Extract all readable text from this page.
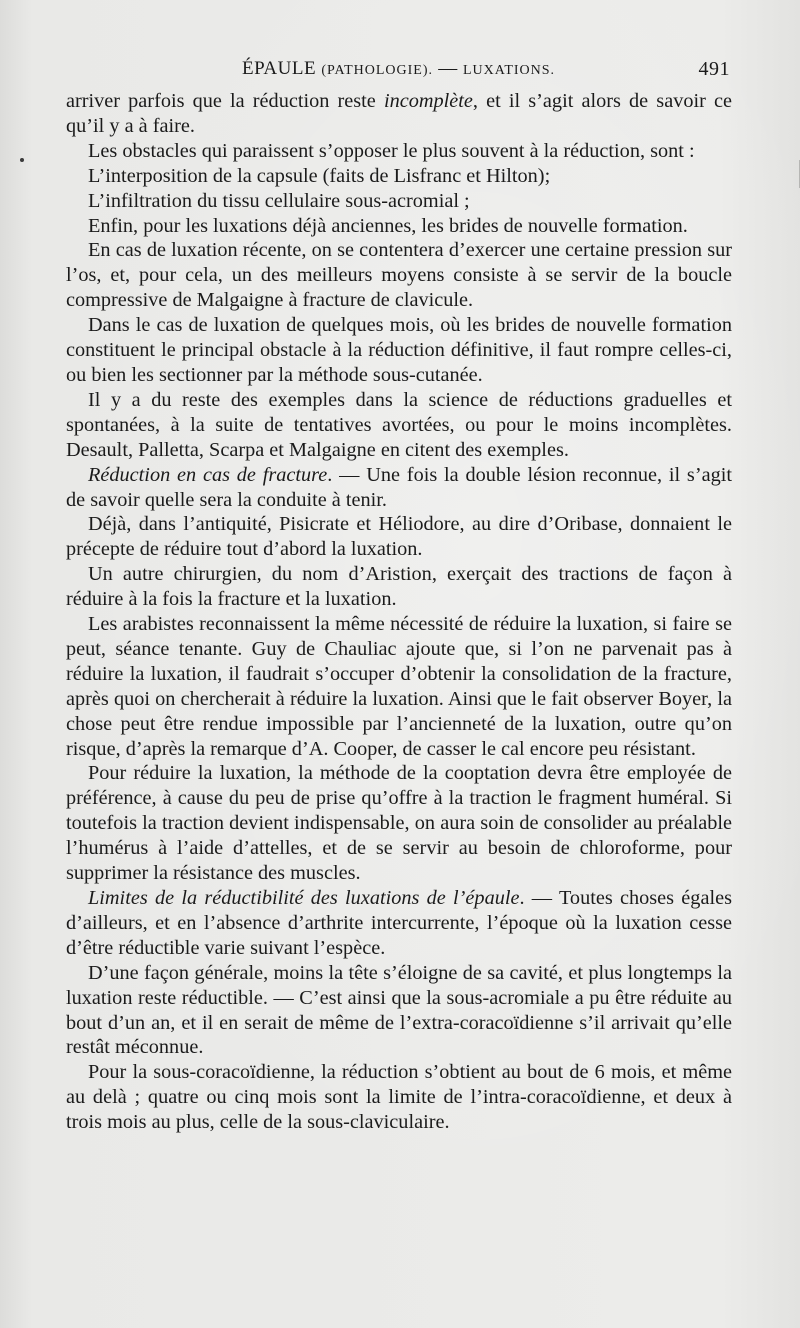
ÉPAULE (PATHOLOGIE). — LUXATIONS.	491

arriver parfois que la réduction reste incomplète, et il s’agit alors de savoir ce qu’il y a à faire.

Les obstacles qui paraissent s’opposer le plus souvent à la réduction, sont :

L’interposition de la capsule (faits de Lisfranc et Hilton);

L’infiltration du tissu cellulaire sous-acromial ;

Enfin, pour les luxations déjà anciennes, les brides de nouvelle formation.

En cas de luxation récente, on se contentera d’exercer une certaine pression sur l’os, et, pour cela, un des meilleurs moyens consiste à se servir de la boucle compressive de Malgaigne à fracture de clavicule.

Dans le cas de luxation de quelques mois, où les brides de nouvelle formation constituent le principal obstacle à la réduction définitive, il faut rompre celles-ci, ou bien les sectionner par la méthode sous-cutanée.

Il y a du reste des exemples dans la science de réductions graduelles et spontanées, à la suite de tentatives avortées, ou pour le moins incomplètes. Desault, Palletta, Scarpa et Malgaigne en citent des exemples.

Réduction en cas de fracture. — Une fois la double lésion reconnue, il s’agit de savoir quelle sera la conduite à tenir.

Déjà, dans l’antiquité, Pisicrate et Héliodore, au dire d’Oribase, donnaient le précepte de réduire tout d’abord la luxation.

Un autre chirurgien, du nom d’Aristion, exerçait des tractions de façon à réduire à la fois la fracture et la luxation.

Les arabistes reconnaissent la même nécessité de réduire la luxation, si faire se peut, séance tenante. Guy de Chauliac ajoute que, si l’on ne parvenait pas à réduire la luxation, il faudrait s’occuper d’obtenir la consolidation de la fracture, après quoi on chercherait à réduire la luxation. Ainsi que le fait observer Boyer, la chose peut être rendue impossible par l’ancienneté de la luxation, outre qu’on risque, d’après la remarque d’A. Cooper, de casser le cal encore peu résistant.

Pour réduire la luxation, la méthode de la cooptation devra être employée de préférence, à cause du peu de prise qu’offre à la traction le fragment huméral. Si toutefois la traction devient indispensable, on aura soin de consolider au préalable l’humérus à l’aide d’attelles, et de se servir au besoin de chloroforme, pour supprimer la résistance des muscles.

Limites de la réductibilité des luxations de l’épaule. — Toutes choses égales d’ailleurs, et en l’absence d’arthrite intercurrente, l’époque où la luxation cesse d’être réductible varie suivant l’espèce.

D’une façon générale, moins la tête s’éloigne de sa cavité, et plus longtemps la luxation reste réductible. — C’est ainsi que la sous-acromiale a pu être réduite au bout d’un an, et il en serait de même de l’extra-coracoïdienne s’il arrivait qu’elle restât méconnue.

Pour la sous-coracoïdienne, la réduction s’obtient au bout de 6 mois, et même au delà ; quatre ou cinq mois sont la limite de l’intra-coracoïdienne, et deux à trois mois au plus, celle de la sous-claviculaire.
